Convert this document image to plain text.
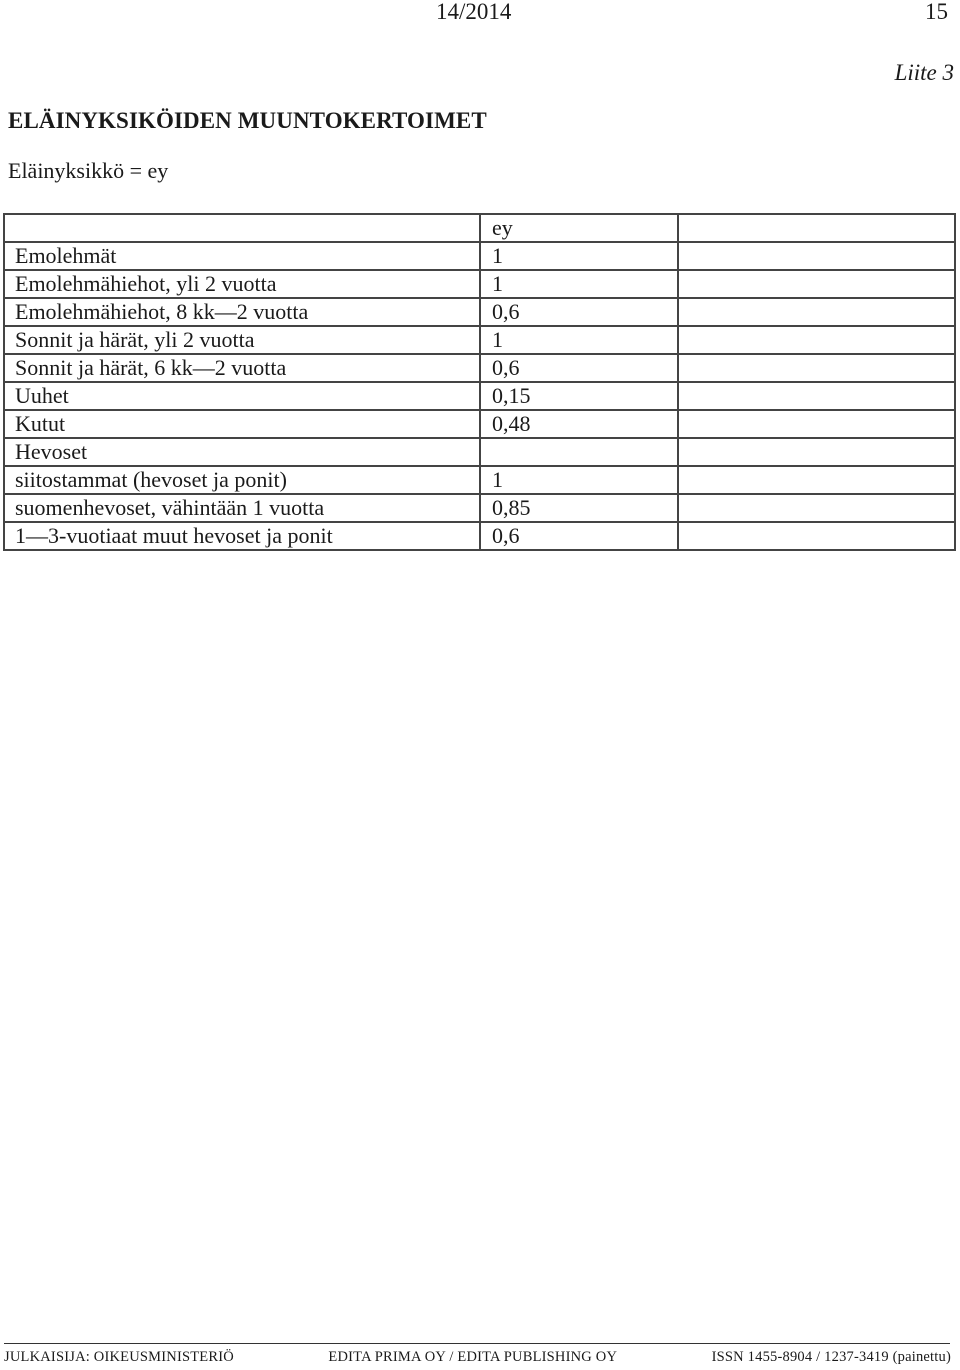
14/2014	15
Liite 3
ELÄINYKSIKÖIDEN MUUNTOKERTOIMET
Eläinyksikkö = ey
	ey	
Emolehmät	1	
Emolehmähiehot, yli 2 vuotta	1	
Emolehmähiehot, 8 kk—2 vuotta	0,6	
Sonnit ja härät, yli 2 vuotta	1	
Sonnit ja härät, 6 kk—2 vuotta	0,6	
Uuhet	0,15	
Kutut	0,48	
Hevoset		
siitostammat (hevoset ja ponit)	1	
suomenhevoset, vähintään 1 vuotta	0,85	
1—3-vuotiaat muut hevoset ja ponit	0,6	
JULKAISIJA: OIKEUSMINISTERIÖ	EDITA PRIMA OY / EDITA PUBLISHING OY	ISSN 1455-8904 / 1237-3419 (painettu)
